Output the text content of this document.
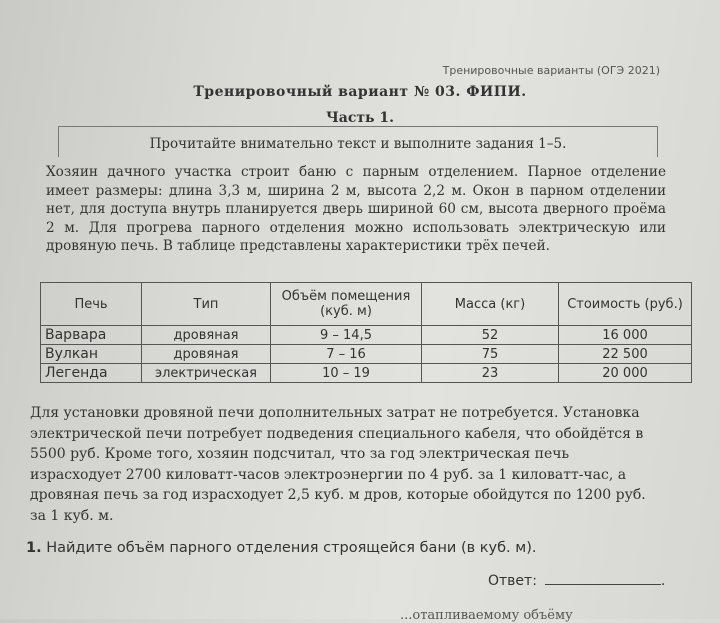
Тренировочные варианты (ОГЭ 2021)
Тренировочный вариант № 03. ФИПИ.
Часть 1.
Прочитайте внимательно текст и выполните задания 1–5.
Хозяин дачного участка строит баню с парным отделением. Парное отделение имеет размеры: длина 3,3 м, ширина 2 м, высота 2,2 м. Окон в парном отделении нет, для доступа внутрь планируется дверь шириной 60 см, высота дверного проёма 2 м. Для прогрева парного отделения можно использовать электрическую или дровяную печь. В таблице представлены характеристики трёх печей.
Печь	Тип	Объём помещения (куб. м)	Масса (кг)	Стоимость (руб.)
Варвара	дровяная	9 – 14,5	52	16 000
Вулкан	дровяная	7 – 16	75	22 500
Легенда	электрическая	10 – 19	23	20 000
Для установки дровяной печи дополнительных затрат не потребуется. Установка электрической печи потребует подведения специального кабеля, что обойдётся в 5500 руб. Кроме того, хозяин подсчитал, что за год электрическая печь израсходует 2700 киловатт-часов электроэнергии по 4 руб. за 1 киловатт-час, а дровяная печь за год израсходует 2,5 куб. м дров, которые обойдутся по 1200 руб. за 1 куб. м.
1. Найдите объём парного отделения строящейся бани (в куб. м).
Ответ:	.
...отапливаемому объёму
